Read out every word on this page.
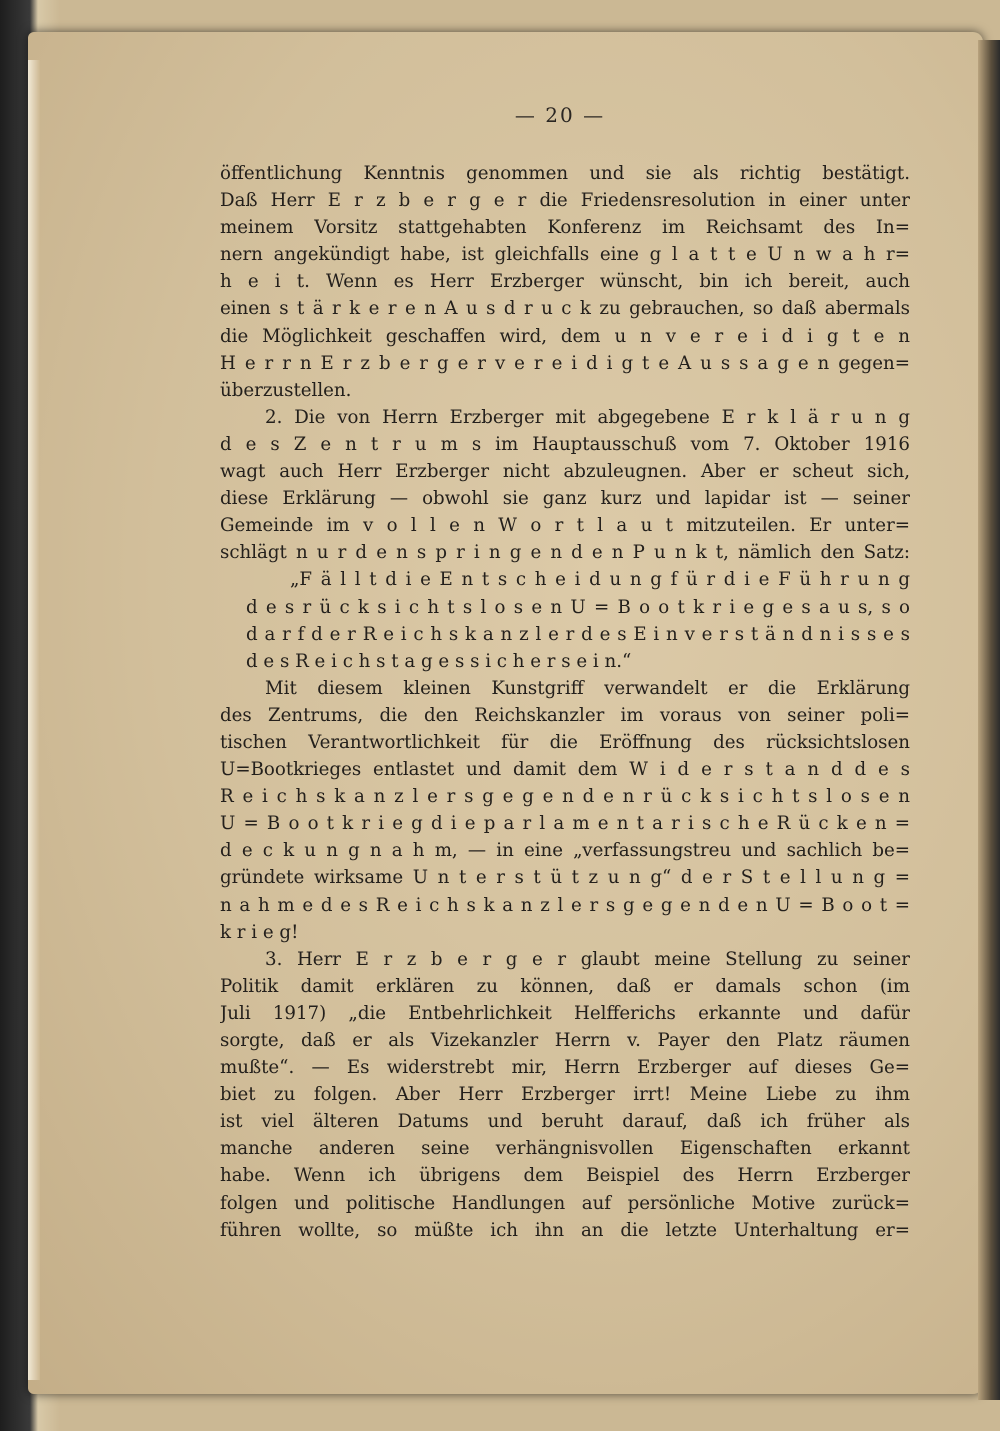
— 20 —
öffentlichung Kenntnis genommen und sie als richtig bestätigt.
Daß Herr E r z b e r g e r die Friedensresolution in einer unter
meinem Vorsitz stattgehabten Konferenz im Reichsamt des In=
nern angekündigt habe, ist gleichfalls eine g l a t t e U n w a h r=
h e i t. Wenn es Herr Erzberger wünscht, bin ich bereit, auch
einen s t ä r k e r e n A u s d r u c k zu gebrauchen, so daß abermals
die Möglichkeit geschaffen wird, dem u n v e r e i d i g t e n
H e r r n E r z b e r g e r v e r e i d i g t e A u s s a g e n gegen=
überzustellen.
2. Die von Herrn Erzberger mit abgegebene E r k l ä r u n g
d e s Z e n t r u m s im Hauptausschuß vom 7. Oktober 1916
wagt auch Herr Erzberger nicht abzuleugnen. Aber er scheut sich,
diese Erklärung — obwohl sie ganz kurz und lapidar ist — seiner
Gemeinde im v o l l e n W o r t l a u t mitzuteilen. Er unter=
schlägt n u r d e n s p r i n g e n d e n P u n k t, nämlich den Satz:
„F ä l l t d i e E n t s c h e i d u n g f ü r d i e F ü h r u n g
d e s r ü c k s i c h t s l o s e n U = B o o t k r i e g e s a u s, s o
d a r f d e r R e i c h s k a n z l e r d e s E i n v e r s t ä n d n i s s e s
d e s R e i c h s t a g e s s i c h e r s e i n.“
Mit diesem kleinen Kunstgriff verwandelt er die Erklärung
des Zentrums, die den Reichskanzler im voraus von seiner poli=
tischen Verantwortlichkeit für die Eröffnung des rücksichtslosen
U=Bootkrieges entlastet und damit dem W i d e r s t a n d d e s
R e i c h s k a n z l e r s g e g e n d e n r ü c k s i c h t s l o s e n
U = B o o t k r i e g d i e p a r l a m e n t a r i s c h e R ü c k e n =
d e c k u n g n a h m, — in eine „verfassungstreu und sachlich be=
gründete wirksame U n t e r s t ü t z u n g“ d e r S t e l l u n g =
n a h m e d e s R e i c h s k a n z l e r s g e g e n d e n U = B o o t =
k r i e g!
3. Herr E r z b e r g e r glaubt meine Stellung zu seiner
Politik damit erklären zu können, daß er damals schon (im
Juli 1917) „die Entbehrlichkeit Helfferichs erkannte und dafür
sorgte, daß er als Vizekanzler Herrn v. Payer den Platz räumen
mußte“. — Es widerstrebt mir, Herrn Erzberger auf dieses Ge=
biet zu folgen. Aber Herr Erzberger irrt! Meine Liebe zu ihm
ist viel älteren Datums und beruht darauf, daß ich früher als
manche anderen seine verhängnisvollen Eigenschaften erkannt
habe. Wenn ich übrigens dem Beispiel des Herrn Erzberger
folgen und politische Handlungen auf persönliche Motive zurück=
führen wollte, so müßte ich ihn an die letzte Unterhaltung er=
